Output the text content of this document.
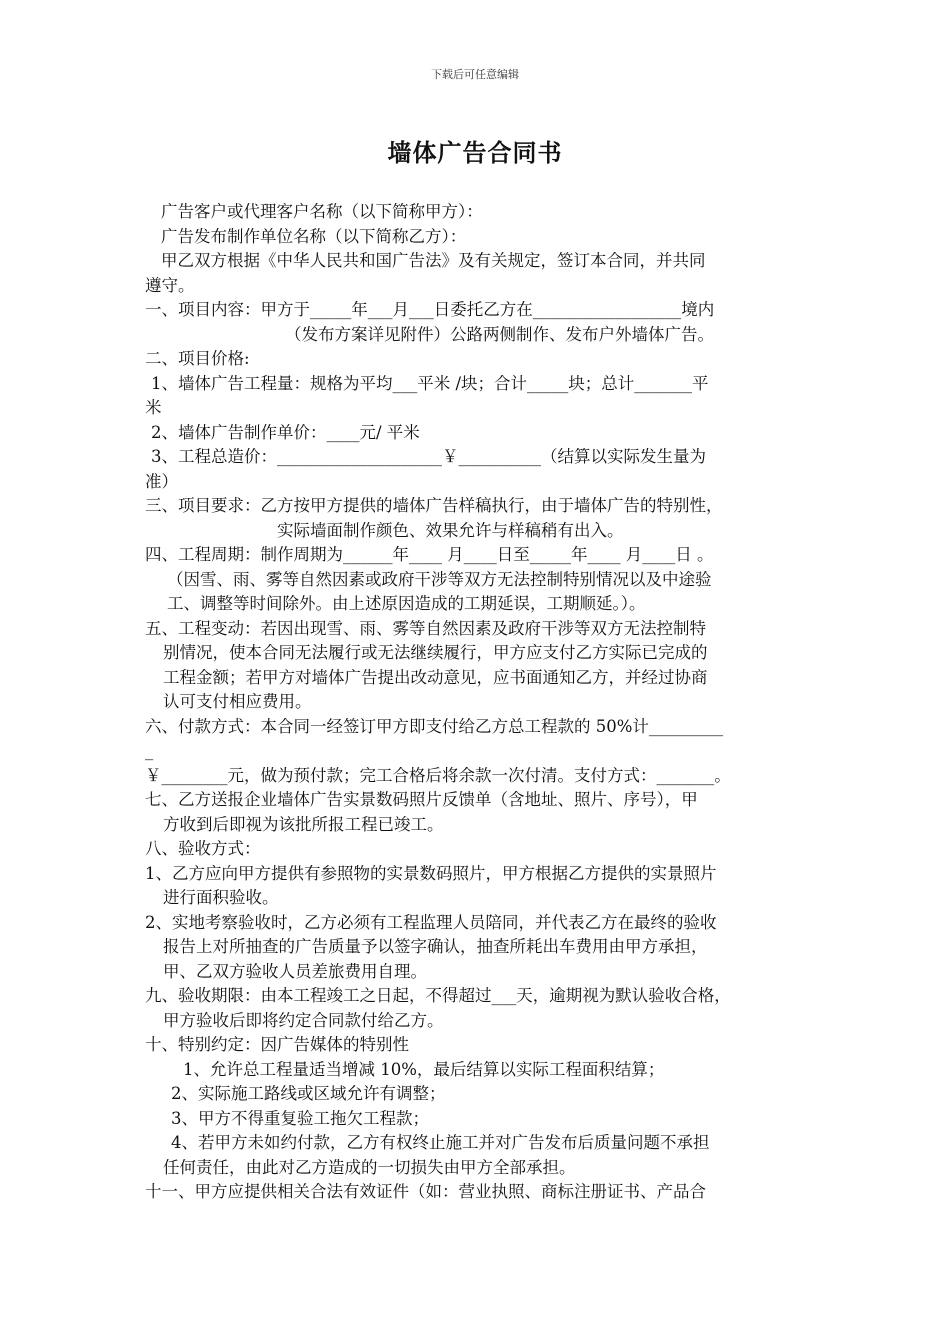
下载后可任意编辑
墙体广告合同书
广告客户或代理客户名称（以下简称甲方）：
广告发布制作单位名称（以下简称乙方）：
甲乙双方根据《中华人民共和国广告法》及有关规定，签订本合同，并共同
遵守。
一、项目内容：甲方于_____年___月___日委托乙方在__________________境内
（发布方案详见附件）公路两侧制作、发布户外墙体广告。
二、项目价格:
1、墙体广告工程量：规格为平均___平米 /块；合计_____块；总计_______平
米
2、墙体广告制作单价：____元/ 平米
3、工程总造价：____________________￥__________（结算以实际发生量为
准）
三、项目要求：乙方按甲方提供的墙体广告样稿执行，由于墙体广告的特别性，
实际墙面制作颜色、效果允许与样稿稍有出入。
四、工程周期：制作周期为______年____ 月____日至_____年____ 月____日 。
（因雪、雨、雾等自然因素或政府干涉等双方无法控制特别情况以及中途验
工、调整等时间除外。由上述原因造成的工期延误，工期顺延。）。
五、工程变动：若因出现雪、雨、雾等自然因素及政府干涉等双方无法控制特
别情况，使本合同无法履行或无法继续履行，甲方应支付乙方实际已完成的
工程金额；若甲方对墙体广告提出改动意见，应书面通知乙方，并经过协商
认可支付相应费用。
六、付款方式：本合同一经签订甲方即支付给乙方总工程款的 50%计_________
_
￥________元，做为预付款；完工合格后将余款一次付清。支付方式：_______。
七、乙方送报企业墙体广告实景数码照片反馈单（含地址、照片、序号），甲
方收到后即视为该批所报工程已竣工。
八、验收方式：
1、乙方应向甲方提供有参照物的实景数码照片，甲方根据乙方提供的实景照片
进行面积验收。
2、实地考察验收时，乙方必须有工程监理人员陪同，并代表乙方在最终的验收
报告上对所抽查的广告质量予以签字确认，抽查所耗出车费用由甲方承担，
甲、乙双方验收人员差旅费用自理。
九、验收期限：由本工程竣工之日起，不得超过___天，逾期视为默认验收合格，
甲方验收后即将约定合同款付给乙方。
十、特别约定：因广告媒体的特别性
1、允许总工程量适当增减 10%，最后结算以实际工程面积结算；
2、实际施工路线或区域允许有调整；
3、甲方不得重复验工拖欠工程款；
4、若甲方未如约付款，乙方有权终止施工并对广告发布后质量问题不承担
任何责任，由此对乙方造成的一切损失由甲方全部承担。
十一、甲方应提供相关合法有效证件（如：营业执照、商标注册证书、产品合
